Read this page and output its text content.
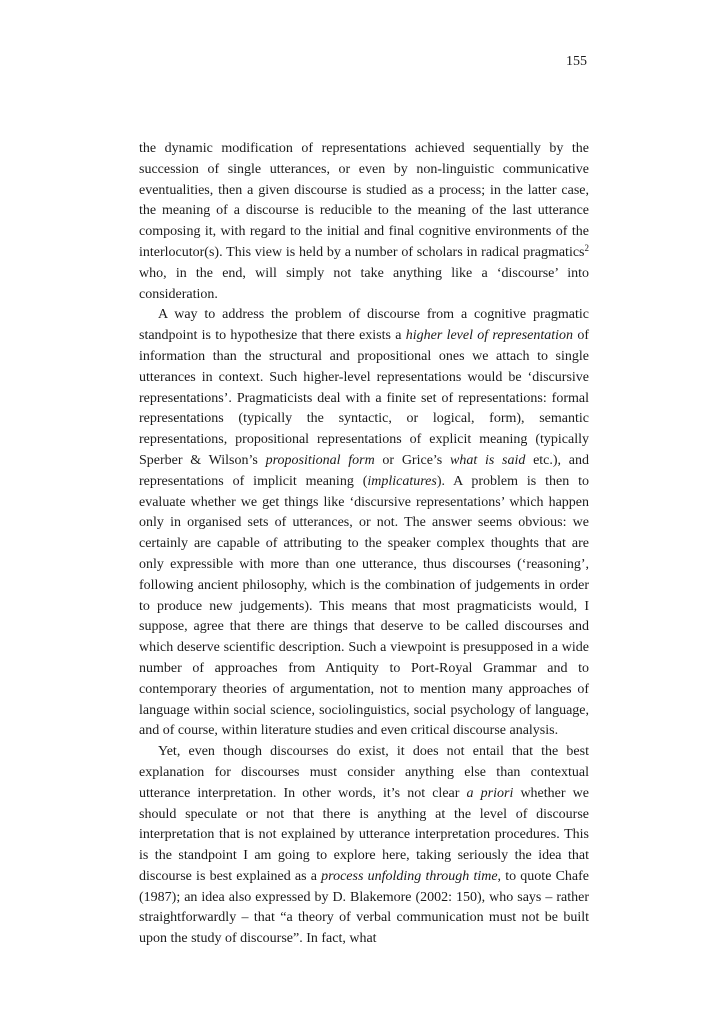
155

the dynamic modification of representations achieved sequentially by the succession of single utterances, or even by non-linguistic communicative eventualities, then a given discourse is studied as a process; in the latter case, the meaning of a discourse is reducible to the meaning of the last utterance composing it, with regard to the initial and final cognitive environments of the interlocutor(s). This view is held by a number of scholars in radical pragmatics$^2$ who, in the end, will simply not take anything like a ‘discourse’ into consideration.

A way to address the problem of discourse from a cognitive pragmatic standpoint is to hypothesize that there exists a higher level of representation of information than the structural and propositional ones we attach to single utterances in context. Such higher-level representations would be ‘discursive representations’. Pragmaticists deal with a finite set of representations: formal representations (typically the syntactic, or logical, form), semantic representations, propositional representations of explicit meaning (typically Sperber & Wilson’s propositional form or Grice’s what is said etc.), and representations of implicit meaning (implicatures). A problem is then to evaluate whether we get things like ‘discursive representations’ which happen only in organised sets of utterances, or not. The answer seems obvious: we certainly are capable of attributing to the speaker complex thoughts that are only expressible with more than one utterance, thus discourses (‘reasoning’, following ancient philosophy, which is the combination of judgements in order to produce new judgements). This means that most pragmaticists would, I suppose, agree that there are things that deserve to be called discourses and which deserve scientific description. Such a viewpoint is presupposed in a wide number of approaches from Antiquity to Port-Royal Grammar and to contemporary theories of argumentation, not to mention many approaches of language within social science, sociolinguistics, social psychology of language, and of course, within literature studies and even critical discourse analysis.

Yet, even though discourses do exist, it does not entail that the best explanation for discourses must consider anything else than contextual utterance interpretation. In other words, it’s not clear a priori whether we should speculate or not that there is anything at the level of discourse interpretation that is not explained by utterance interpretation procedures. This is the standpoint I am going to explore here, taking seriously the idea that discourse is best explained as a process unfolding through time, to quote Chafe (1987); an idea also expressed by D. Blakemore (2002: 150), who says – rather straightforwardly – that “a theory of verbal communication must not be built upon the study of discourse”. In fact, what
